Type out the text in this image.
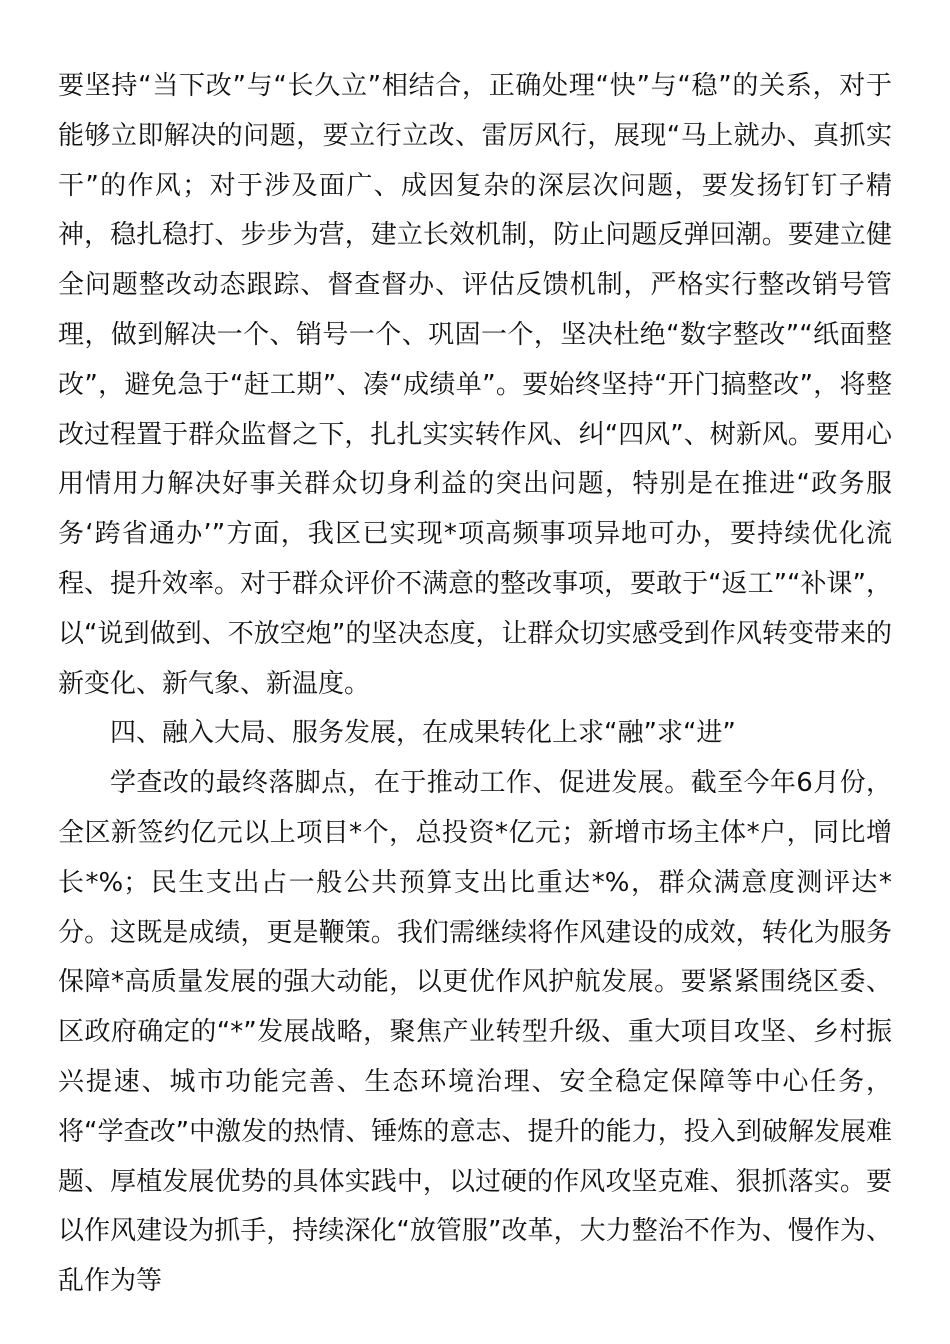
要坚持“当下改”与“长久立”相结合，正确处理“快”与“稳”的关系，对于能够立即解决的问题，要立行立改、雷厉风行，展现“马上就办、真抓实干”的作风；对于涉及面广、成因复杂的深层次问题，要发扬钉钉子精神，稳扎稳打、步步为营，建立长效机制，防止问题反弹回潮。要建立健全问题整改动态跟踪、督查督办、评估反馈机制，严格实行整改销号管理，做到解决一个、销号一个、巩固一个，坚决杜绝“数字整改”“纸面整改”，避免急于“赶工期”、凑“成绩单”。要始终坚持“开门搞整改”，将整改过程置于群众监督之下，扎扎实实转作风、纠“四风”、树新风。要用心用情用力解决好事关群众切身利益的突出问题，特别是在推进“政务服务‘跨省通办’”方面，我区已实现*项高频事项异地可办，要持续优化流程、提升效率。对于群众评价不满意的整改事项，要敢于“返工”“补课”，以“说到做到、不放空炮”的坚决态度，让群众切实感受到作风转变带来的新变化、新气象、新温度。

四、融入大局、服务发展，在成果转化上求“融”求“进”

学查改的最终落脚点，在于推动工作、促进发展。截至今年6月份，全区新签约亿元以上项目*个，总投资*亿元；新增市场主体*户，同比增长*%；民生支出占一般公共预算支出比重达*%，群众满意度测评达*分。这既是成绩，更是鞭策。我们需继续将作风建设的成效，转化为服务保障*高质量发展的强大动能，以更优作风护航发展。要紧紧围绕区委、区政府确定的“*”发展战略，聚焦产业转型升级、重大项目攻坚、乡村振兴提速、城市功能完善、生态环境治理、安全稳定保障等中心任务，将“学查改”中激发的热情、锤炼的意志、提升的能力，投入到破解发展难题、厚植发展优势的具体实践中，以过硬的作风攻坚克难、狠抓落实。要以作风建设为抓手，持续深化“放管服”改革，大力整治不作为、慢作为、乱作为等
